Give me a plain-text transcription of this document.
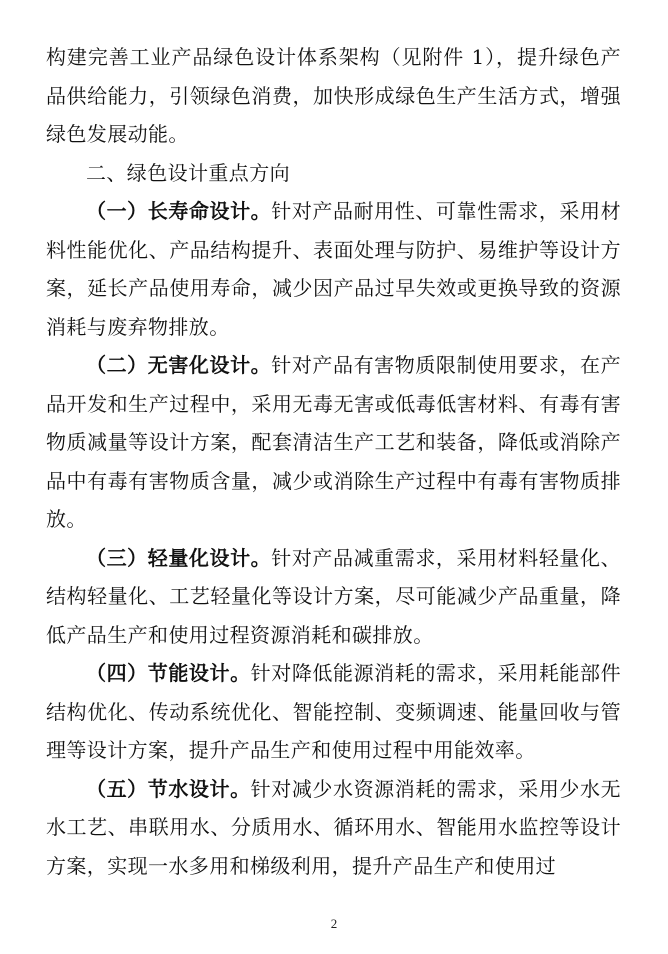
构建完善工业产品绿色设计体系架构（见附件 1），提升绿色产品供给能力，引领绿色消费，加快形成绿色生产生活方式，增强绿色发展动能。

二、绿色设计重点方向

（一）长寿命设计。针对产品耐用性、可靠性需求，采用材料性能优化、产品结构提升、表面处理与防护、易维护等设计方案，延长产品使用寿命，减少因产品过早失效或更换导致的资源消耗与废弃物排放。

（二）无害化设计。针对产品有害物质限制使用要求，在产品开发和生产过程中，采用无毒无害或低毒低害材料、有毒有害物质减量等设计方案，配套清洁生产工艺和装备，降低或消除产品中有毒有害物质含量，减少或消除生产过程中有毒有害物质排放。

（三）轻量化设计。针对产品减重需求，采用材料轻量化、结构轻量化、工艺轻量化等设计方案，尽可能减少产品重量，降低产品生产和使用过程资源消耗和碳排放。

（四）节能设计。针对降低能源消耗的需求，采用耗能部件结构优化、传动系统优化、智能控制、变频调速、能量回收与管理等设计方案，提升产品生产和使用过程中用能效率。

（五）节水设计。针对减少水资源消耗的需求，采用少水无水工艺、串联用水、分质用水、循环用水、智能用水监控等设计方案，实现一水多用和梯级利用，提升产品生产和使用过

2
